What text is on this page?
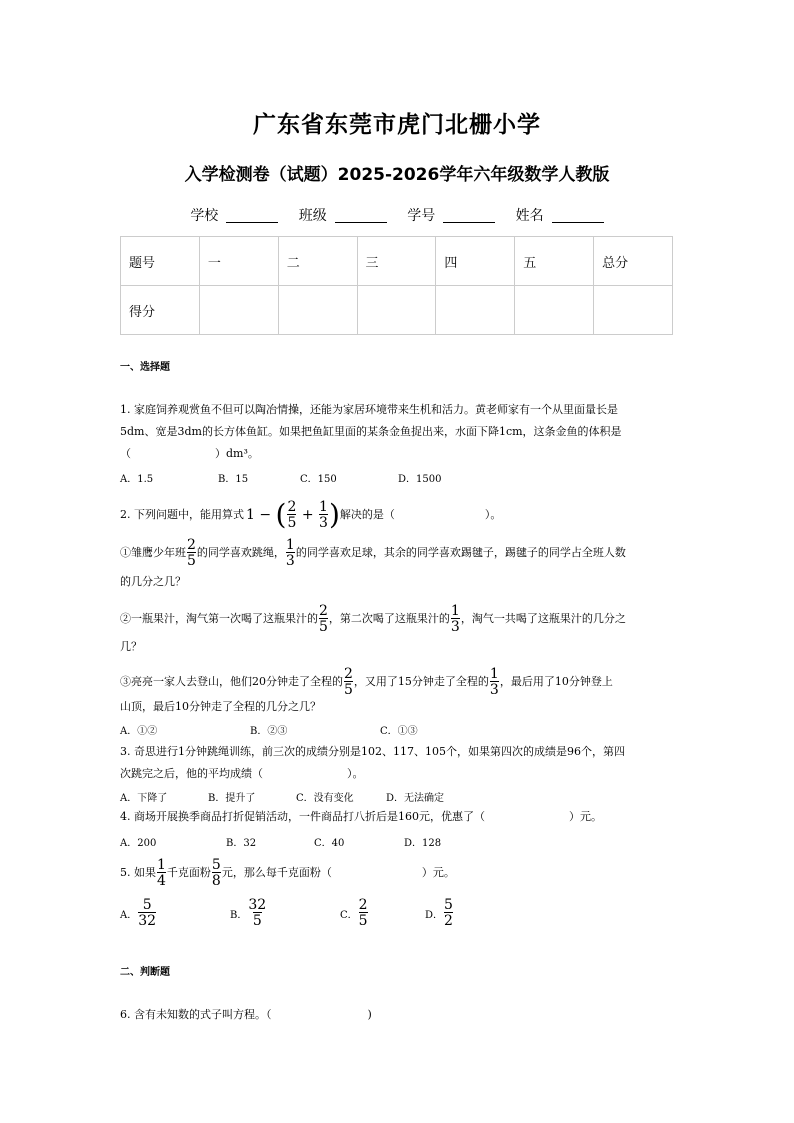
广东省东莞市虎门北栅小学
入学检测卷（试题）2025-2026学年六年级数学人教版
学校	班级	学号	姓名
题号	一	二	三	四	五	总分
得分						
一、选择题
1. 家庭饲养观赏鱼不但可以陶冶情操，还能为家居环境带来生机和活力。黄老师家有一个从里面量长是
5dm、宽是3dm的长方体鱼缸。如果把鱼缸里面的某条金鱼捉出来，水面下降1cm，这条金鱼的体积是
（	）dm³。
A．1.5	B．15	C．150	D．1500
2. 下列问题中，能用算式 1 − ( $\frac{2}{5} + \frac{1}{3}$ ) 解决的是（	）。
①雏鹰少年班 $\frac{2}{5}$ 的同学喜欢跳绳， $\frac{1}{3}$ 的同学喜欢足球，其余的同学喜欢踢毽子，踢毽子的同学占全班人数
的几分之几？
②一瓶果汁，淘气第一次喝了这瓶果汁的 $\frac{2}{5}$ ，第二次喝了这瓶果汁的 $\frac{1}{3}$ ，淘气一共喝了这瓶果汁的几分之
几？
③亮亮一家人去登山，他们20分钟走了全程的 $\frac{2}{5}$ ，又用了15分钟走了全程的 $\frac{1}{3}$ ，最后用了10分钟登上
山顶，最后10分钟走了全程的几分之几？
A．①②	B．②③	C．①③
3. 奇思进行1分钟跳绳训练，前三次的成绩分别是102、117、105个，如果第四次的成绩是96个，第四
次跳完之后，他的平均成绩（	）。
A．下降了	B．提升了	C．没有变化	D．无法确定
4. 商场开展换季商品打折促销活动，一件商品打八折后是160元，优惠了（	）元。
A．200	B．32	C．40	D．128
5. 如果 $\frac{1}{4}$ 千克面粉 $\frac{5}{8}$ 元，那么每千克面粉（	）元。
A． $\frac{5}{32}$	B． $\frac{32}{5}$	C． $\frac{2}{5}$	D． $\frac{5}{2}$
二、判断题
6. 含有未知数的式子叫方程。（	)
